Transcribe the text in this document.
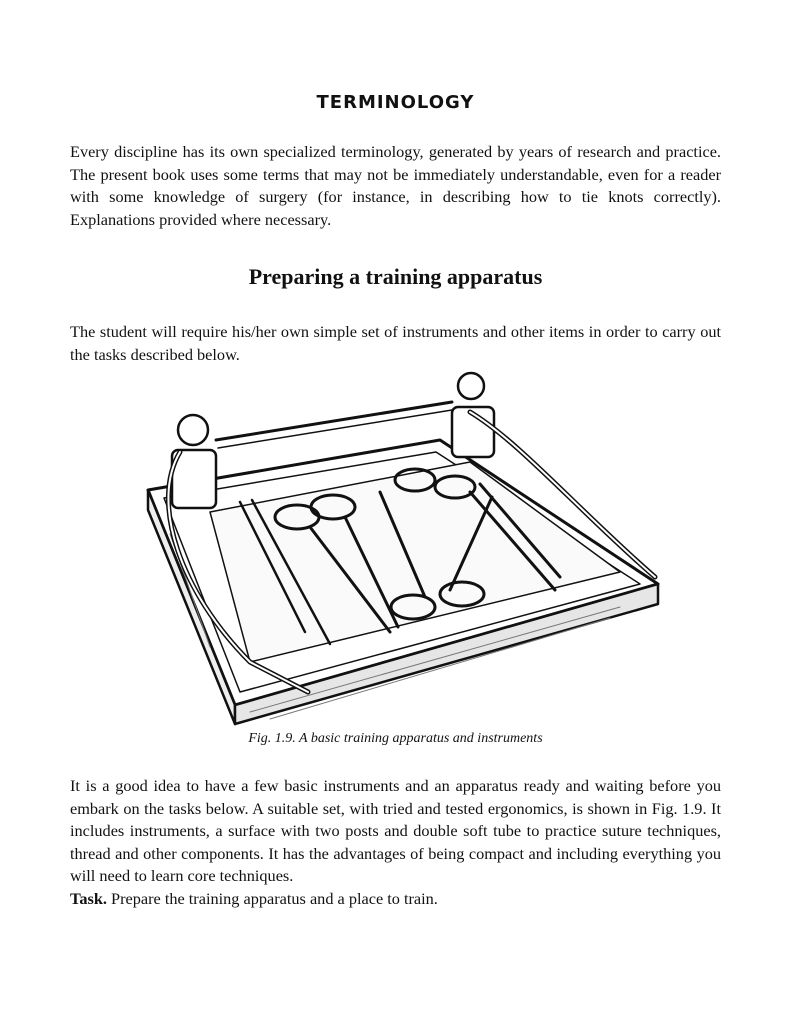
TERMINOLOGY

Every discipline has its own specialized terminology, generated by years of research and practice. The present book uses some terms that may not be immediately understandable, even for a reader with some knowledge of surgery (for instance, in describing how to tie knots correctly). Explanations provided where necessary.

Preparing a training apparatus

The student will require his/her own simple set of instruments and other items in order to carry out the tasks described below.

Fig. 1.9. A basic training apparatus and instruments

It is a good idea to have a few basic instruments and an apparatus ready and waiting before you embark on the tasks below. A suitable set, with tried and tested ergonomics, is shown in Fig. 1.9. It includes instruments, a surface with two posts and double soft tube to practice suture techniques, thread and other components. It has the advantages of being compact and including everything you will need to learn core techniques.
Task. Prepare the training apparatus and a place to train.
